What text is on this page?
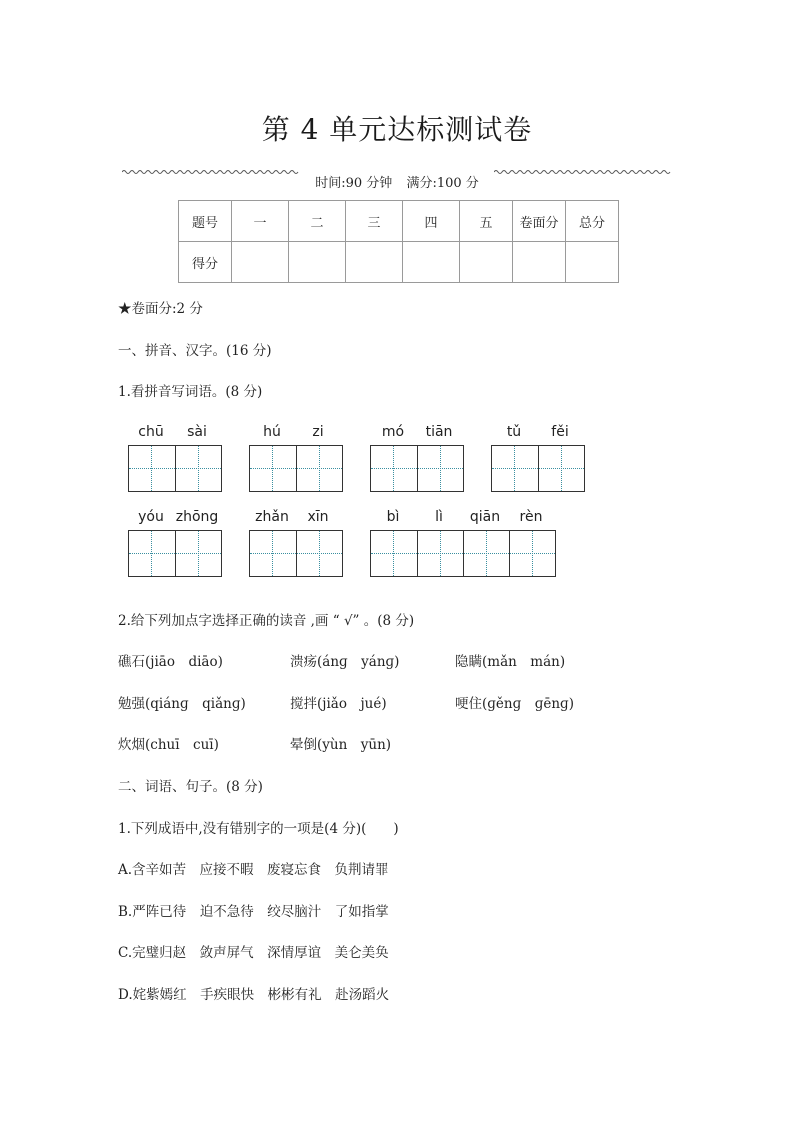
第 4 单元达标测试卷
时间:90 分钟 满分:100 分
题号	一	二	三	四	五	卷面分	总分
得分							
★卷面分:2 分
一、拼音、汉字。(16 分)
1.看拼音写词语。(8 分)
chū	sài	hú	zi	mó	tiān	tǔ	fěi
yóu zhōng	zhǎn	xīn	bì	lì	qiān	rèn
2.给下列加点字选择正确的读音 ,画 “ √” 。(8 分)
礁石(jiāo　diāo)	溃疡(ánɡ　yánɡ)	隐瞒(mǎn　mán)
勉强(qiánɡ　qiǎnɡ)	搅拌(jiǎo　jué)	哽住(ɡěnɡ　ɡēnɡ)
炊烟(chuī　cuī)	晕倒(yùn　yūn)
二、词语、句子。(8 分)
1.下列成语中,没有错别字的一项是(4 分)(　　)
A.含辛如苦　应接不暇　废寝忘食　负荆请罪
B.严阵已待　迫不急待　绞尽脑汁　了如指掌
C.完璧归赵　敛声屏气　深情厚谊　美仑美奂
D.姹紫嫣红　手疾眼快　彬彬有礼　赴汤蹈火
